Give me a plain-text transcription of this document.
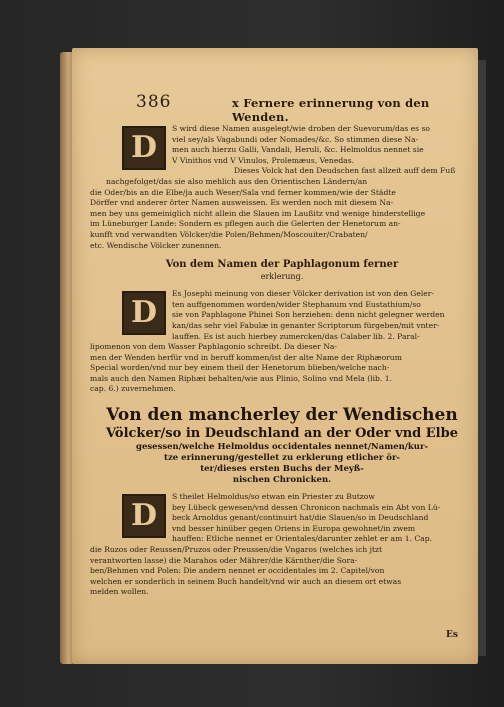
386	x Fernere erinnerung von den Wenden.
D
S wird diese Namen ausgelegt/wie droben der Suevorum/das es so
viel sey/als Vagabundi oder Nomades/&c. So stimmen diese Na-
men auch hierzu Galli, Vandali, Heruli, &c. Helmoldus nennet sie
V Vinithos vnd V Vinulos, Prolemæus, Venedas.
Dieses Volck hat den Deudschen fast allzeit auff dem Fuß
nachgefolget/das sie also mehlich aus den Orientischen Ländern/an
die Oder/bis an die Elbe/ja auch Weser/Sala vnd ferner kommen/wie der Städte
Dörffer vnd anderer örter Namen ausweissen. Es werden noch mit diesem Na-
men bey uns gemeiniglich nicht allein die Slauen im Laußitz vnd wenige hinderstellige
im Lüneburger Lande: Sondern es pflegen auch die Gelerten der Henetorum an-
kunfft vnd verwandten Völcker/die Polen/Behmen/Moscouiter/Crabaten/
etc. Wendische Völcker zunennen.
Von dem Namen der Paphlagonum ferner
erklerung.
D
Es Josephi meinung von dieser Völcker derivation ist von den Geler-
ten auffgenommen worden/wider Stephanum vnd Eustathium/so
sie von Paphlagone Phinei Son herziehen: denn nicht gelegner werden
kan/das sehr viel Fabulæ in genanter Scriptorum fürgeben/mit vnter-
lauffen. Es ist auch hierbey zumercken/das Calaber lib. 2. Paral-
lipomenon von dem Wasser Paphlagonio schreibt. Da dieser Na-
men der Wenden herfür vnd in beruff kommen/ist der alte Name der Riphæorum
Special worden/vnd nur bey einem theil der Henetorum blieben/welche nach-
mals auch den Namen Riphæi behalten/wie aus Plinio, Solino vnd Mela (lib. 1.
cap. 6.) zuvernehmen.
Von den mancherley der Wendischen
Völcker/so in Deudschland an der Oder vnd Elbe
gesessen/welche Helmoldus occidentales nennet/Namen/kur-
tze erinnerung/gestellet zu erklerung etlicher ör-
ter/dieses ersten Buchs der Meyß-
nischen Chronicken.
D
S theilet Helmoldus/so etwan ein Priester zu Butzow
bey Lübeck gewesen/vnd dessen Chronicon nachmals ein Abt von Lü-
beck Arnoldus genant/continuirt hat/die Slauen/so in Deudschland
vnd besser hinüber gegen Oriens in Europa gewohnet/in zwem
hauffen: Etliche nennet er Orientales/darunter zehlet er am 1. Cap.
die Ruzos oder Reussen/Pruzos oder Preussen/die Vngaros (welches ich jtzt
verantworten lasse) die Marahos oder Mährer/die Kärnther/die Sora-
ben/Behmen vnd Polen: Die andern nennet er occidentales im 2. Capitel/von
welchen er sonderlich in seinem Buch handelt/vnd wir auch an diesem ort etwas
melden wollen.
Es
